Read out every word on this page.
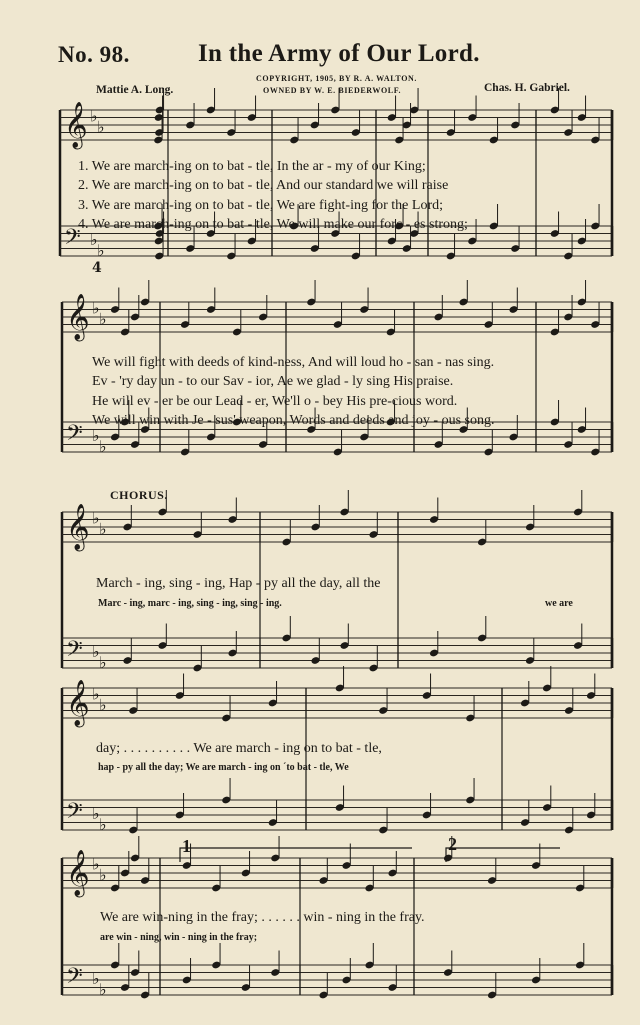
No. 98.	In the Army of Our Lord.
Mattie A. Long.
COPYRIGHT, 1905, BY R. A. WALTON.
OWNED BY W. E. BIEDERWOLF.	Chas. H. Gabriel.
𝄞 ♭
♭
𝄢 ♭
♭
𝄞 ♭
♭
𝄢 ♭
♭
𝄞 ♭
♭
𝄢 ♭
♭
𝄞 ♭
♭
𝄢 ♭
♭
𝄞 ♭
♭
𝄢 ♭
♭
4
1. We are march-ing on to bat - tle, In the ar - my of our King;
2. We are march-ing on to bat - tle, And our standard we will raise
3. We are march-ing on to bat - tle, We are fight-ing for the Lord;
4. We are march-ing on to bat - tle, We will make our forc - es strong;
We will fight with deeds of kind-ness, And will loud ho - san - nas sing.
Ev - 'ry day un - to our Sav - ior, Ae we glad - ly sing His praise.
He will ev - er be our Lead - er, We'll o - bey His pre-cious word.
We will win with Je - sus' weapon, Words and deeds and joy - ous song.
CHORUS.
March - ing, sing - ing, Hap - py all the day, all the
Marc - ing, marc - ing, sing - ing, sing - ing.	we are
day; . . . . . . . . . . We are march - ing on to bat - tle,
hap - py all the day; We are march - ing on ´to bat - tle, We
1	2
We are win-ning in the fray; . . . . . . win - ning in the fray.
are win - ning, win - ning in the fray;
